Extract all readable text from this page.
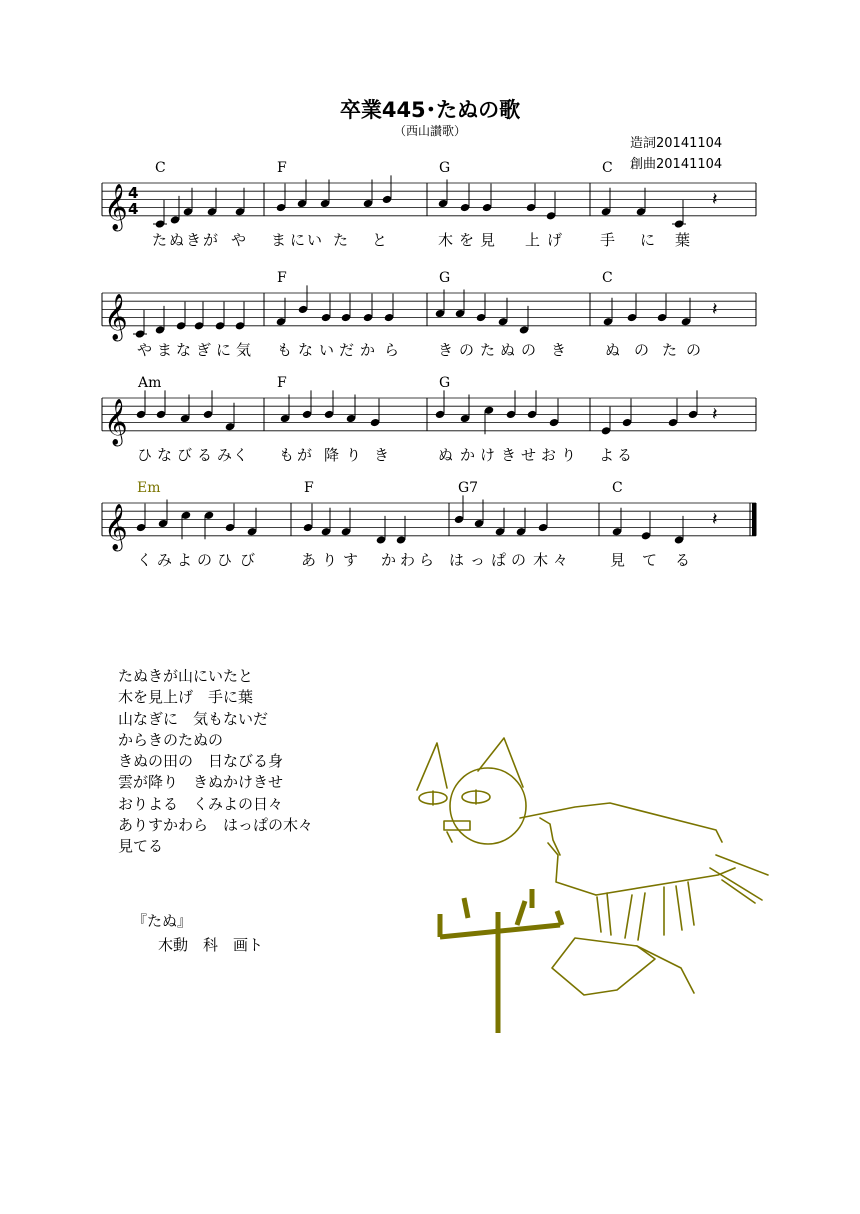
卒業445･たぬの歌
（西山讃歌）
造詞20141104
創曲20141104
𝄞 4
4
C	F	G	C
た ぬ き が や ま に い た と	木 を 見 上 げ	手 に 葉
𝄽
𝄞
F	G	C
や ま な ぎ に 気 も な い だ か ら	き の た ぬ の き	ぬ の た の
𝄽
𝄞
Am	F	G
ひ な び る み く も が 降 り き	ぬ か け き せ お り よ る
𝄽
𝄞
Em	F	G7	C
く み よ の ひ び	あ り す か わ ら は っ ぱ の 木 々	見 て る
𝄽
たぬきが山にいたと
木を見上げ　手に葉
山なぎに　気もないだ
からきのたぬの
きぬの田の　日なびる身
雲が降り　きぬかけきせ
おりよる　くみよの日々
ありすかわら　はっぱの木々
見てる
『たぬ』
木動　科　画ト
